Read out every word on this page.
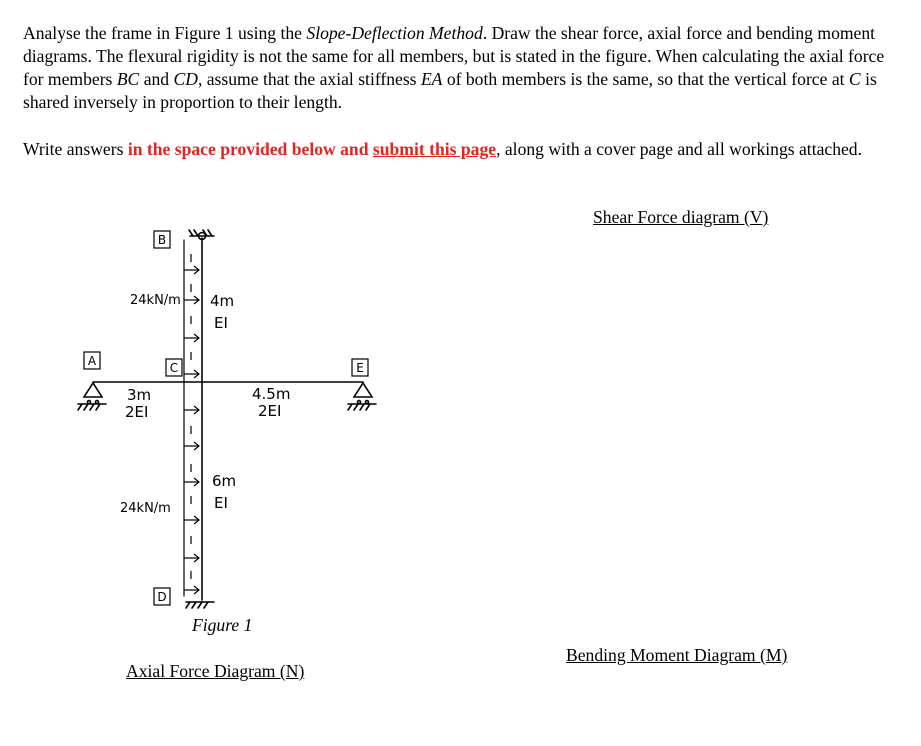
Analyse the frame in Figure 1 using the Slope-Deflection Method. Draw the shear force, axial force and bending moment diagrams. The flexural rigidity is not the same for all members, but is stated in the figure. When calculating the axial force for members BC and CD, assume that the axial stiffness EA of both members is the same, so that the vertical force at C is shared inversely in proportion to their length.

Write answers in the space provided below and submit this page, along with a cover page and all workings attached.

Shear Force diagram (V)
Bending Moment Diagram (M)
Axial Force Diagram (N)
B
A	C	E
D
24kN/m
24kN/m
4m
EI
3m
2EI
4.5m
2EI
6m
EI
Figure 1
